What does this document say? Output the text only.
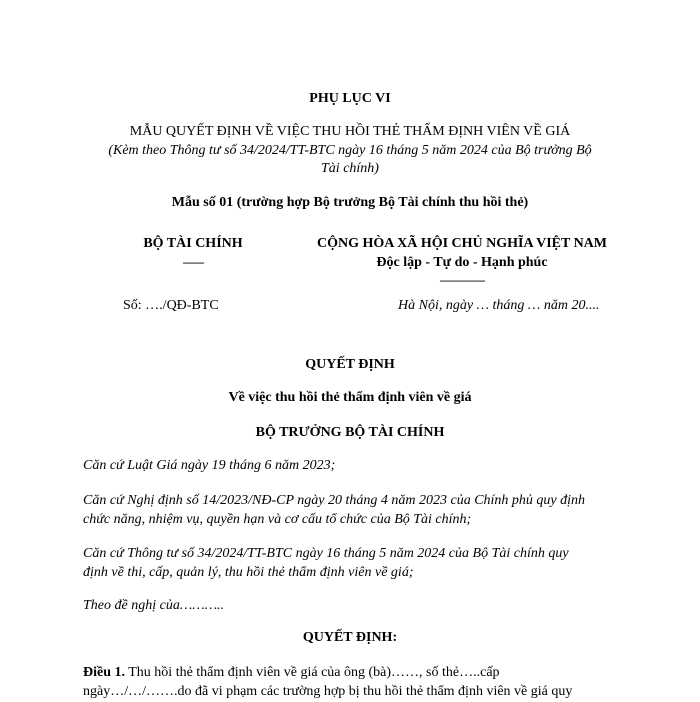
PHỤ LỤC VI
MẪU QUYẾT ĐỊNH VỀ VIỆC THU HỒI THẺ THẨM ĐỊNH VIÊN VỀ GIÁ
(Kèm theo Thông tư số 34/2024/TT-BTC ngày 16 tháng 5 năm 2024 của Bộ trưởng Bộ
Tài chính)
Mẫu số 01 (trường hợp Bộ trưởng Bộ Tài chính thu hồi thẻ)
BỘ TÀI CHÍNH
-------
CỘNG HÒA XÃ HỘI CHỦ NGHĨA VIỆT NAM
Độc lập - Tự do - Hạnh phúc
---------------
Số: …./QĐ-BTC	Hà Nội, ngày … tháng … năm 20....
QUYẾT ĐỊNH
Về việc thu hồi thẻ thẩm định viên về giá
BỘ TRƯỞNG BỘ TÀI CHÍNH
Căn cứ Luật Giá ngày 19 tháng 6 năm 2023;
Căn cứ Nghị định số 14/2023/NĐ-CP ngày 20 tháng 4 năm 2023 của Chính phủ quy định
chức năng, nhiệm vụ, quyền hạn và cơ cấu tổ chức của Bộ Tài chính;
Căn cứ Thông tư số 34/2024/TT-BTC ngày 16 tháng 5 năm 2024 của Bộ Tài chính quy
định về thi, cấp, quản lý, thu hồi thẻ thẩm định viên về giá;
Theo đề nghị của………..
QUYẾT ĐỊNH:
Điều 1. Thu hồi thẻ thẩm định viên về giá của ông (bà)……, số thẻ…..cấp
ngày…/…/…….do đã vi phạm các trường hợp bị thu hồi thẻ thẩm định viên về giá quy
